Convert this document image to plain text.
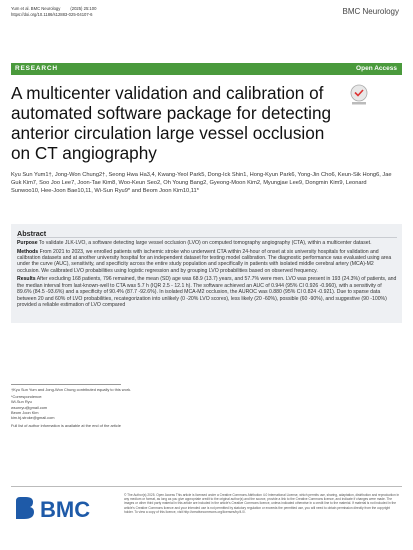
Yum et al. BMC Neurology (2025) 25:100
https://doi.org/10.1186/s12883-025-04107-6	BMC Neurology
RESEARCH	Open Access
A multicenter validation and calibration of automated software package for detecting anterior circulation large vessel occlusion on CT angiography
Kyu Sun Yum1†, Jong-Won Chung2†, Seong Hwa Ha3,4, Kwang-Yeol Park5, Dong-Ick Shin1, Hong-Kyun Park6, Yong-Jin Cho6, Keun-Sik Hong6, Jae Guk Kim7, Soo Joo Lee7, Joon-Tae Kim8, Woo-Keun Seo2, Oh Young Bang2, Gyeong-Moon Kim2, Myungjae Lee9, Dongmin Kim9, Leonard Sunwoo10, Hee-Joon Bae10,11, Wi-Sun Ryu9* and Beom Joon Kim10,11*
Abstract

Purpose To validate JLK-LVO, a software detecting large vessel occlusion (LVO) on computed tomography angiography (CTA), within a multicenter dataset.

Methods From 2021 to 2023, we enrolled patients with ischemic stroke who underwent CTA within 24-hour of onset at six university hospitals for validation and calibration datasets and at another university hospital for an independent dataset for testing model calibration. The diagnostic performance was evaluated using area under the curve (AUC), sensitivity, and specificity across the entire study population and specifically in patients with isolated middle cerebral artery (MCA)-M2 occlusion. We calibrated LVO probabilities using logistic regression and by grouping LVO probabilities based on observed frequency.

Results After excluding 168 patients, 796 remained, the mean (SD) age was 68.9 (13.7) years, and 57.7% were men. LVO was present in 193 (24.3%) of patients, and the median interval from last-known-well to CTA was 5.7 h (IQR 2.5 - 12.1 h). The software achieved an AUC of 0.944 (95% CI 0.926 -0.960), with a sensitivity of 89.6% (84.5 -93.6%) and a specificity of 90.4% (87.7 -92.6%). In isolated MCA-M2 occlusion, the AUROC was 0.880 (95% CI 0.824 -0.921). Due to sparse data between 20 and 60% of LVO probabilities, recategorization into unlikely (0 -20% LVO scores), less likely (20 -60%), possible (60 -90%), and suggestive (90 -100%) provided a reliable estimation of LVO compared

†Kyu Sun Yum and Jong-Won Chung contributed equally to this work.

*Correspondence:
Wi-Sun Ryu
wsunryu@gmail.com
Beom Joon Kim
kim.bj.stroke@gmail.com

Full list of author information is available at the end of the article

BMC
© The Author(s) 2025. Open Access This article is licensed under a Creative Commons Attribution 4.0 International License, which permits use, sharing, adaptation, distribution and reproduction in any medium or format, as long as you give appropriate credit to the original author(s) and the source, provide a link to the Creative Commons licence, and indicate if changes were made. The images or other third party material in this article are included in the article's Creative Commons licence, unless indicated otherwise in a credit line to the material. If material is not included in the article's Creative Commons licence and your intended use is not permitted by statutory regulation or exceeds the permitted use, you will need to obtain permission directly from the copyright holder. To view a copy of this licence, visit http://creativecommons.org/licenses/by/4.0/.
